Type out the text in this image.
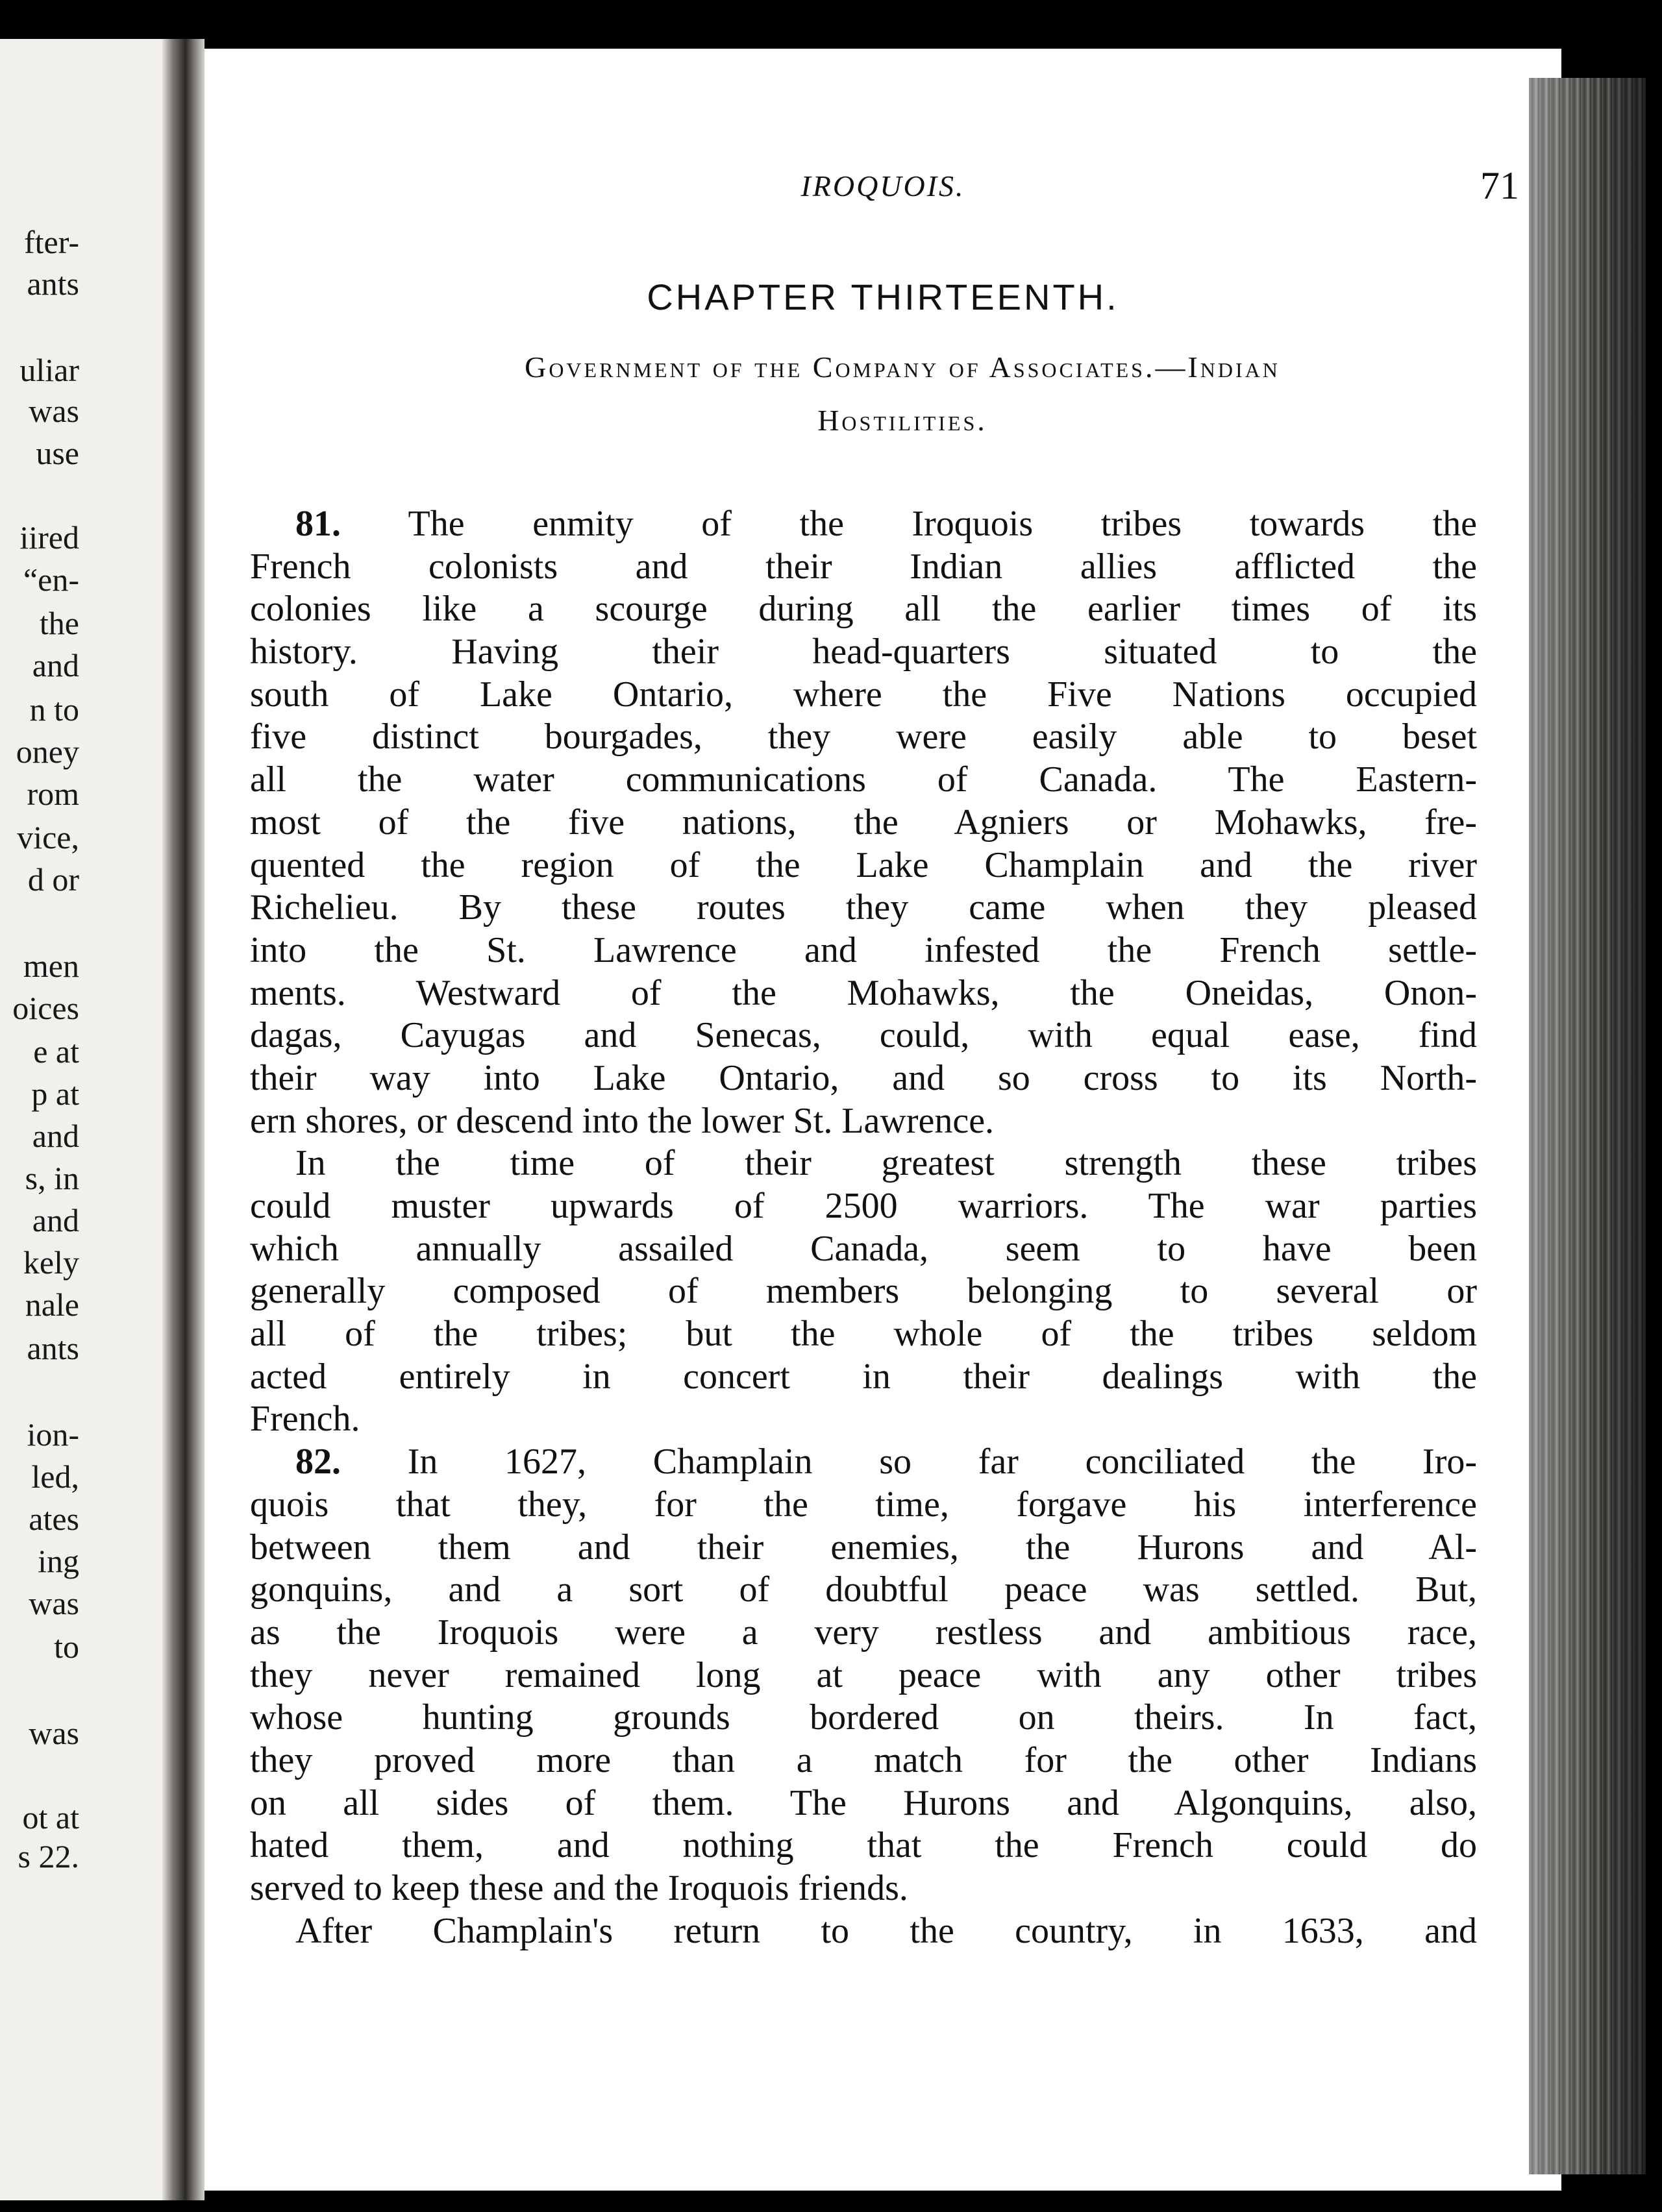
fter-
ants
uliar
was
use
iired
“en-
the
and
n to
oney
rom
vice,
d or
men
oices
e at
p at
and
s, in
and
kely
nale
ants
ion-
led,
ates
ing
was
to
was
ot at
s 22.
IROQUOIS.	71
CHAPTER THIRTEENTH.
Government of the Company of Associates.—Indian
Hostilities.
81. The enmity of the Iroquois tribes towards the
French colonists and their Indian allies afflicted the
colonies like a scourge during all the earlier times of its
history. Having their head-quarters situated to the
south of Lake Ontario, where the Five Nations occupied
five distinct bourgades, they were easily able to beset
all the water communications of Canada. The Eastern-
most of the five nations, the Agniers or Mohawks, fre-
quented the region of the Lake Champlain and the river
Richelieu. By these routes they came when they pleased
into the St. Lawrence and infested the French settle-
ments. Westward of the Mohawks, the Oneidas, Onon-
dagas, Cayugas and Senecas, could, with equal ease, find
their way into Lake Ontario, and so cross to its North-
ern shores, or descend into the lower St. Lawrence.
In the time of their greatest strength these tribes
could muster upwards of 2500 warriors. The war parties
which annually assailed Canada, seem to have been
generally composed of members belonging to several or
all of the tribes; but the whole of the tribes seldom
acted entirely in concert in their dealings with the
French.
82. In 1627, Champlain so far conciliated the Iro-
quois that they, for the time, forgave his interference
between them and their enemies, the Hurons and Al-
gonquins, and a sort of doubtful peace was settled. But,
as the Iroquois were a very restless and ambitious race,
they never remained long at peace with any other tribes
whose hunting grounds bordered on theirs. In fact,
they proved more than a match for the other Indians
on all sides of them. The Hurons and Algonquins, also,
hated them, and nothing that the French could do
served to keep these and the Iroquois friends.
After Champlain's return to the country, in 1633, and
